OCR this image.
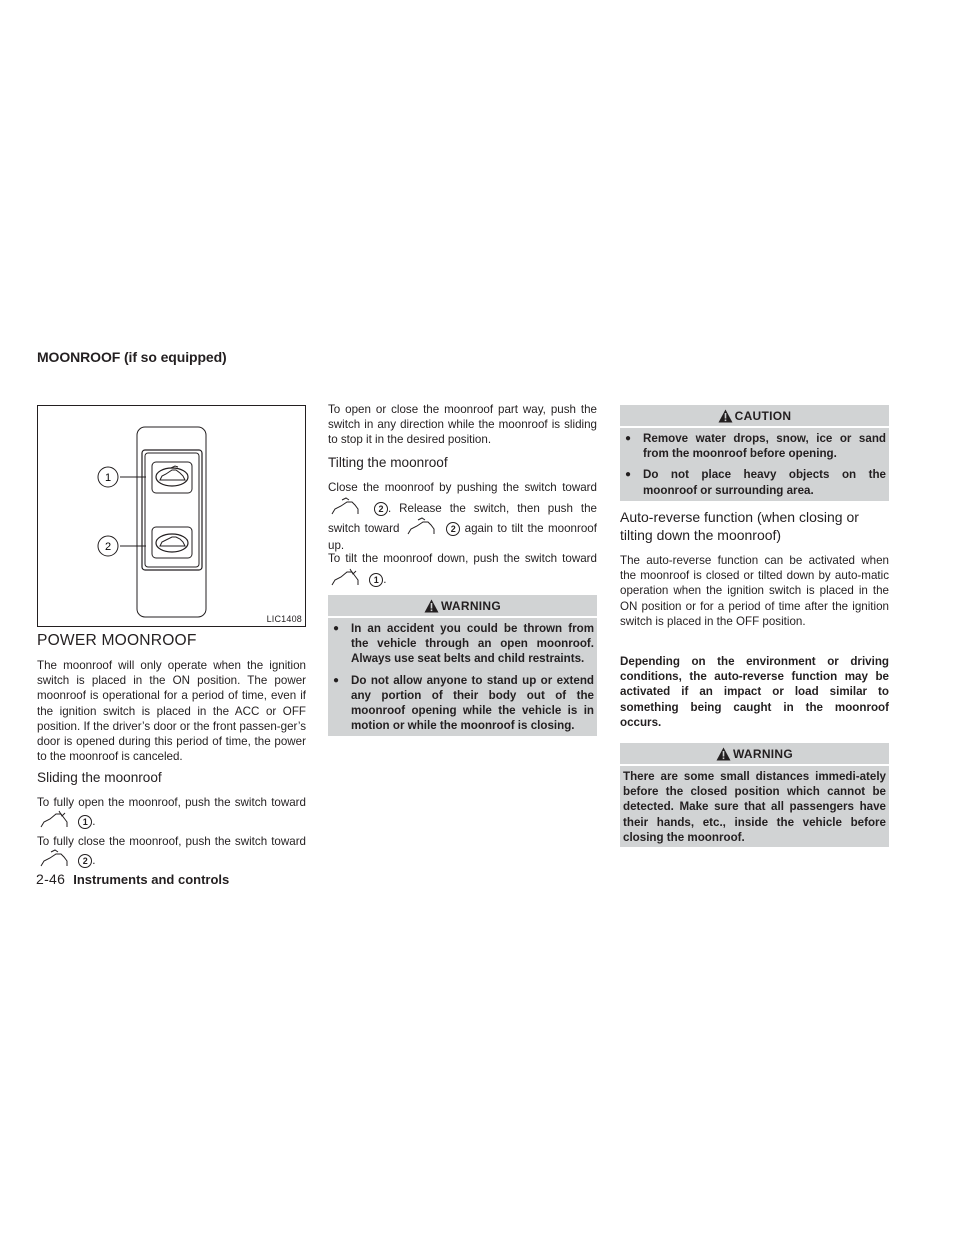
MOONROOF (if so equipped)
1
2
LIC1408
POWER MOONROOF

The moonroof will only operate when the ignition switch is placed in the ON position. The power moonroof is operational for a period of time, even if the ignition switch is placed in the ACC or OFF position. If the driver’s door or the front passen-ger’s door is opened during this period of time, the power to the moonroof is canceled.

Sliding the moonroof

To fully open the moonroof, push the switch toward  1 .

To fully close the moonroof, push the switch toward  2 .

To open or close the moonroof part way, push the switch in any direction while the moonroof is sliding to stop it in the desired position.

Tilting the moonroof

Close the moonroof by pushing the switch toward  2 . Release the switch, then push the switch toward	2 again to tilt the moonroof up.

To tilt the moonroof down, push the switch toward  1 .

WARNING
●	In an accident you could be thrown from the vehicle through an open moonroof. Always use seat belts and child restraints.
●	Do not allow anyone to stand up or extend any portion of their body out of the moonroof opening while the vehicle is in motion or while the moonroof is closing.
CAUTION
●	Remove water drops, snow, ice or sand from the moonroof before opening.
●	Do not place heavy objects on the moonroof or surrounding area.
Auto-reverse function (when closing or tilting down the moonroof)

The auto-reverse function can be activated when the moonroof is closed or tilted down by auto-matic operation when the ignition switch is placed in the ON position or for a period of time after the ignition switch is placed in the OFF position.

Depending on the environment or driving conditions, the auto-reverse function may be activated if an impact or load similar to something being caught in the moonroof occurs.

WARNING

There are some small distances immedi-ately before the closed position which cannot be detected. Make sure that all passengers have their hands, etc., inside the vehicle before closing the moonroof.

2-46 Instruments and controls
